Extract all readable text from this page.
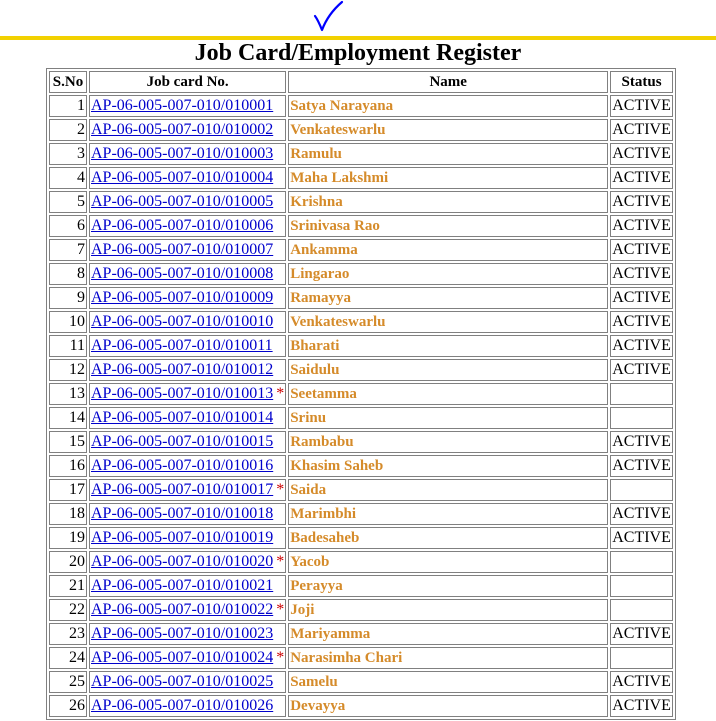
Job Card/Employment Register
S.No	Job card No.	Name	Status
1	AP-06-005-007-010/010001	Satya Narayana	ACTIVE
2	AP-06-005-007-010/010002	Venkateswarlu	ACTIVE
3	AP-06-005-007-010/010003	Ramulu	ACTIVE
4	AP-06-005-007-010/010004	Maha Lakshmi	ACTIVE
5	AP-06-005-007-010/010005	Krishna	ACTIVE
6	AP-06-005-007-010/010006	Srinivasa Rao	ACTIVE
7	AP-06-005-007-010/010007	Ankamma	ACTIVE
8	AP-06-005-007-010/010008	Lingarao	ACTIVE
9	AP-06-005-007-010/010009	Ramayya	ACTIVE
10	AP-06-005-007-010/010010	Venkateswarlu	ACTIVE
11	AP-06-005-007-010/010011	Bharati	ACTIVE
12	AP-06-005-007-010/010012	Saidulu	ACTIVE
13	AP-06-005-007-010/010013 *	Seetamma	
14	AP-06-005-007-010/010014	Srinu	
15	AP-06-005-007-010/010015	Rambabu	ACTIVE
16	AP-06-005-007-010/010016	Khasim Saheb	ACTIVE
17	AP-06-005-007-010/010017 *	Saida	
18	AP-06-005-007-010/010018	Marimbhi	ACTIVE
19	AP-06-005-007-010/010019	Badesaheb	ACTIVE
20	AP-06-005-007-010/010020 *	Yacob	
21	AP-06-005-007-010/010021	Perayya	
22	AP-06-005-007-010/010022 *	Joji	
23	AP-06-005-007-010/010023	Mariyamma	ACTIVE
24	AP-06-005-007-010/010024 *	Narasimha Chari	
25	AP-06-005-007-010/010025	Samelu	ACTIVE
26	AP-06-005-007-010/010026	Devayya	ACTIVE
